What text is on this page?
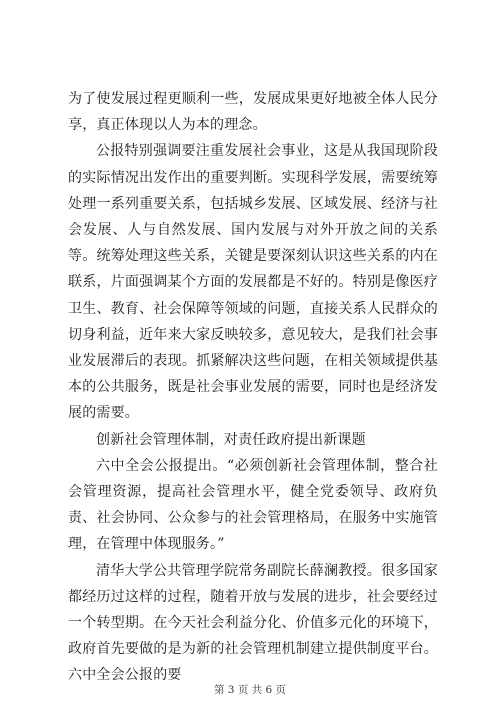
为了使发展过程更顺利一些，发展成果更好地被全体人民分享，真正体现以人为本的理念。

公报特别强调要注重发展社会事业，这是从我国现阶段的实际情况出发作出的重要判断。实现科学发展，需要统筹处理一系列重要关系，包括城乡发展、区域发展、经济与社会发展、人与自然发展、国内发展与对外开放之间的关系等。统筹处理这些关系，关键是要深刻认识这些关系的内在联系，片面强调某个方面的发展都是不好的。特别是像医疗卫生、教育、社会保障等领域的问题，直接关系人民群众的切身利益，近年来大家反映较多，意见较大，是我们社会事业发展滞后的表现。抓紧解决这些问题，在相关领域提供基本的公共服务，既是社会事业发展的需要，同时也是经济发展的需要。

创新社会管理体制，对责任政府提出新课题

六中全会公报提出。“必须创新社会管理体制，整合社会管理资源，提高社会管理水平，健全党委领导、政府负责、社会协同、公众参与的社会管理格局，在服务中实施管理，在管理中体现服务。”

清华大学公共管理学院常务副院长薛澜教授。很多国家都经历过这样的过程，随着开放与发展的进步，社会要经过一个转型期。在今天社会利益分化、价值多元化的环境下，政府首先要做的是为新的社会管理机制建立提供制度平台。六中全会公报的要

第 3 页 共 6 页
